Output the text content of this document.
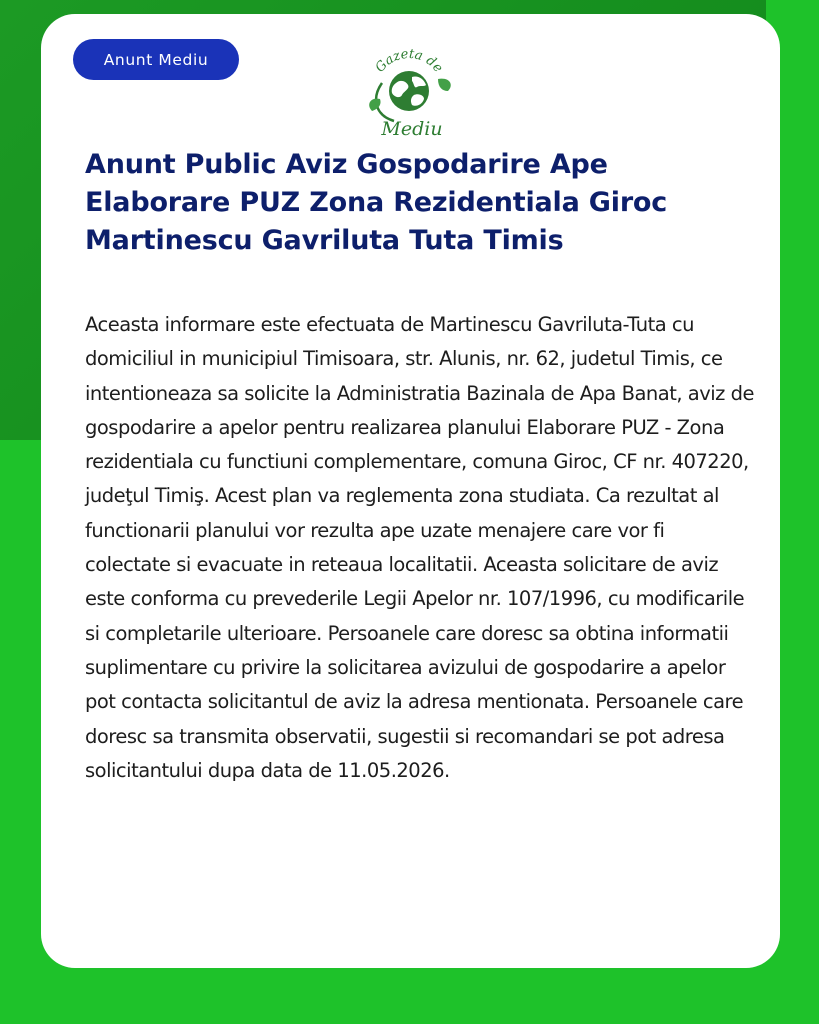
Anunt Mediu	Gazeta de
Mediu
Anunt Public Aviz Gospodarire Ape Elaborare PUZ Zona Rezidentiala Giroc Martinescu Gavriluta Tuta Timis

Aceasta informare este efectuata de Martinescu Gavriluta-Tuta cu domiciliul in municipiul Timisoara, str. Alunis, nr. 62, judetul Timis, ce intentioneaza sa solicite la Administratia Bazinala de Apa Banat, aviz de gospodarire a apelor pentru realizarea planului Elaborare PUZ - Zona rezidentiala cu functiuni complementare, comuna Giroc, CF nr. 407220, judeţul Timiş. Acest plan va reglementa zona studiata. Ca rezultat al functionarii planului vor rezulta ape uzate menajere care vor fi colectate si evacuate in reteaua localitatii. Aceasta solicitare de aviz este conforma cu prevederile Legii Apelor nr. 107/1996, cu modificarile si completarile ulterioare. Persoanele care doresc sa obtina informatii suplimentare cu privire la solicitarea avizului de gospodarire a apelor pot contacta solicitantul de aviz la adresa mentionata. Persoanele care doresc sa transmita observatii, sugestii si recomandari se pot adresa solicitantului dupa data de 11.05.2026.
